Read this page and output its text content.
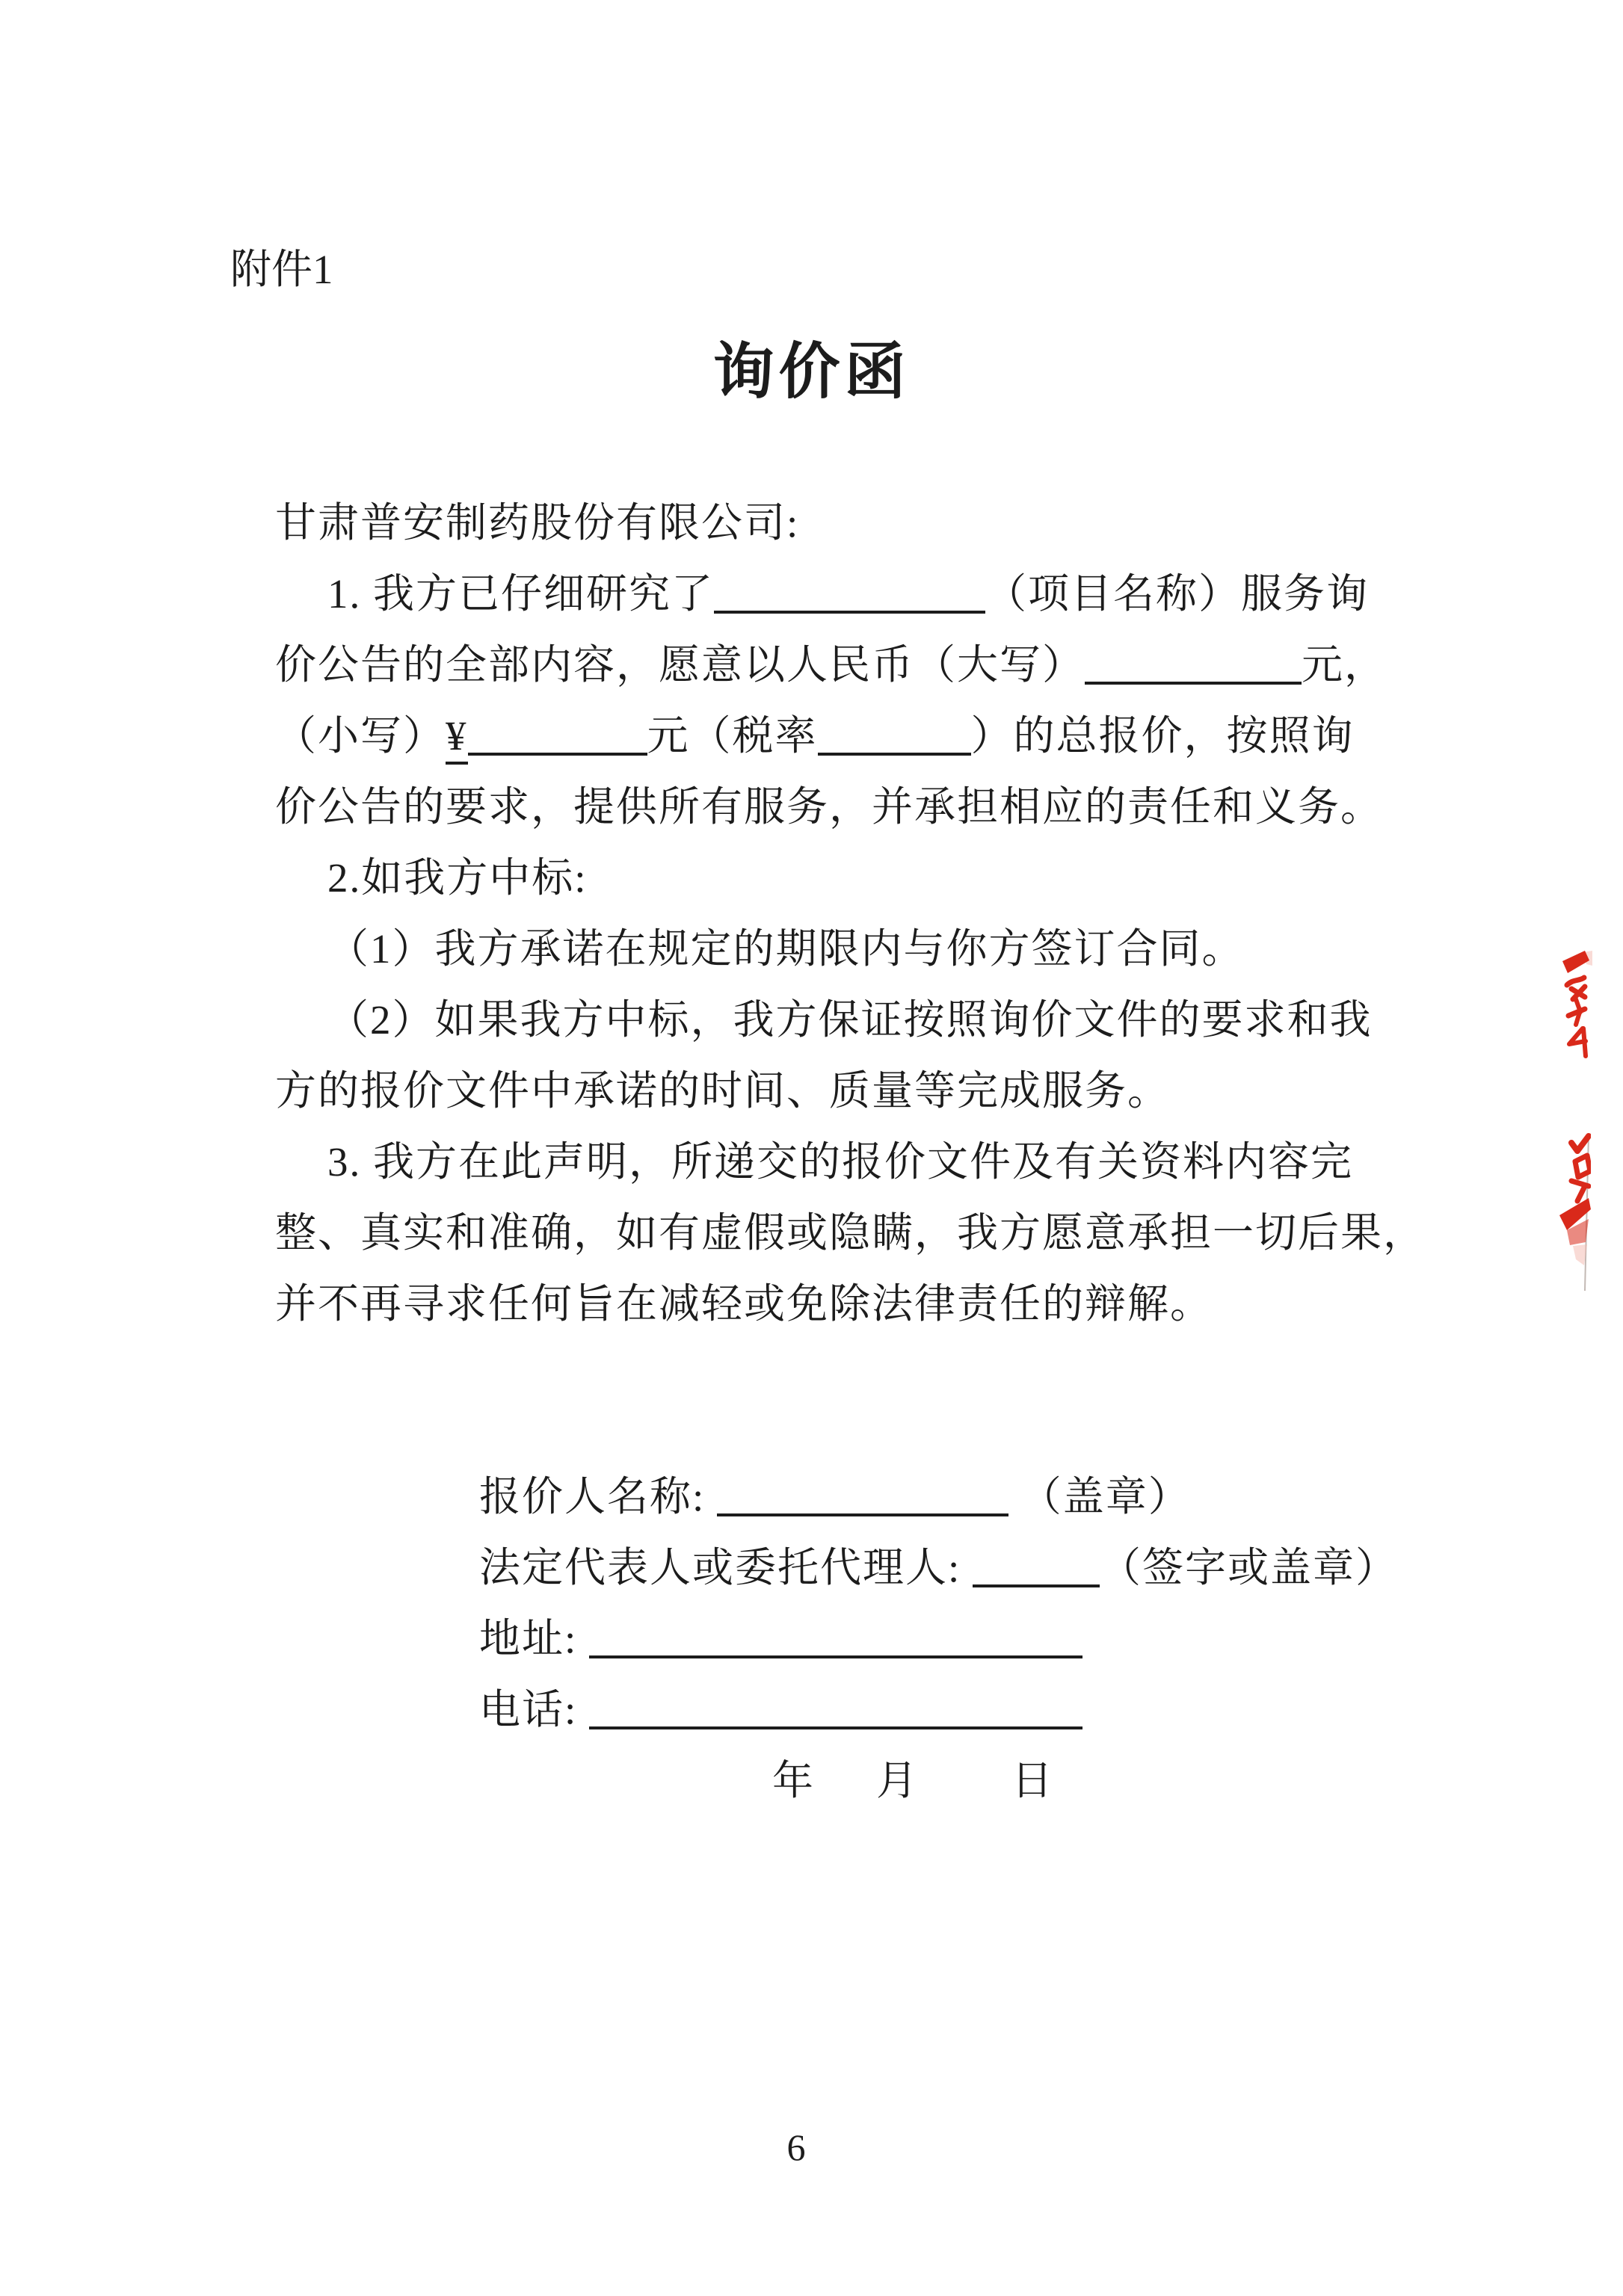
附件1
询价函
甘肃普安制药股份有限公司:
1. 我方已仔细研究了	（项目名称）服务询
价公告的全部内容，愿意以人民币（大写）	元，
（小写）¥	元（税率	）的总报价，按照询
价公告的要求，提供所有服务，并承担相应的责任和义务。
2.如我方中标:
（1）我方承诺在规定的期限内与你方签订合同。
（2）如果我方中标，我方保证按照询价文件的要求和我
方的报价文件中承诺的时间、质量等完成服务。
3. 我方在此声明，所递交的报价文件及有关资料内容完
整、真实和准确，如有虚假或隐瞒，我方愿意承担一切后果，
并不再寻求任何旨在减轻或免除法律责任的辩解。
报价人名称:	（盖章）
法定代表人或委托代理人:	（签字或盖章）
地址:
电话:
年 月 日
6
